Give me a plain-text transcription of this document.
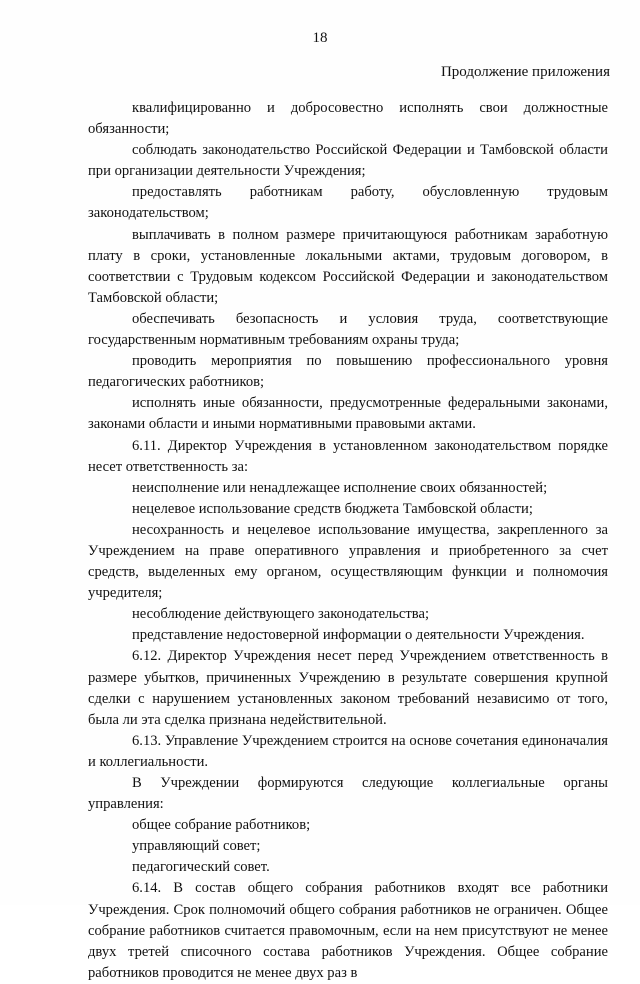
18
Продолжение приложения

квалифицированно и добросовестно исполнять свои должностные обязанности;

соблюдать законодательство Российской Федерации и Тамбовской области при организации деятельности Учреждения;

предоставлять работникам работу, обусловленную трудовым законодательством;

выплачивать в полном размере причитающуюся работникам заработную плату в сроки, установленные локальными актами, трудовым договором, в соответствии с Трудовым кодексом Российской Федерации и законодательством Тамбовской области;

обеспечивать безопасность и условия труда, соответствующие государственным нормативным требованиям охраны труда;

проводить мероприятия по повышению профессионального уровня педагогических работников;

исполнять иные обязанности, предусмотренные федеральными законами, законами области и иными нормативными правовыми актами.

6.11. Директор Учреждения в установленном законодательством порядке несет ответственность за:

неисполнение или ненадлежащее исполнение своих обязанностей;

нецелевое использование средств бюджета Тамбовской области;

несохранность и нецелевое использование имущества, закрепленного за Учреждением на праве оперативного управления и приобретенного за счет средств, выделенных ему органом, осуществляющим функции и полномочия учредителя;

несоблюдение действующего законодательства;

представление недостоверной информации о деятельности Учреждения.

6.12. Директор Учреждения несет перед Учреждением ответственность в размере убытков, причиненных Учреждению в результате совершения крупной сделки с нарушением установленных законом требований независимо от того, была ли эта сделка признана недействительной.

6.13. Управление Учреждением строится на основе сочетания единоначалия и коллегиальности.

В Учреждении формируются следующие коллегиальные органы управления:

общее собрание работников;

управляющий совет;

педагогический совет.

6.14. В состав общего собрания работников входят все работники Учреждения. Срок полномочий общего собрания работников не ограничен. Общее собрание работников считается правомочным, если на нем присутствуют не менее двух третей списочного состава работников Учреждения. Общее собрание работников проводится не менее двух раз в
